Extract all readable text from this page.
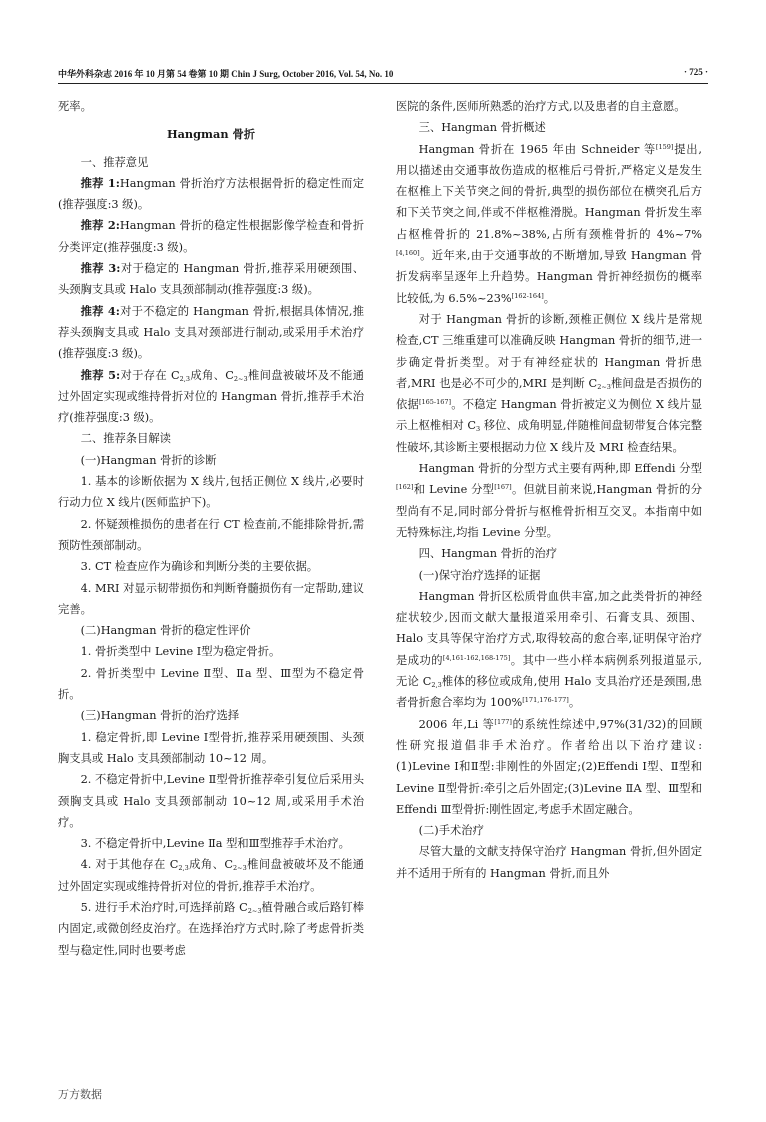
中华外科杂志 2016 年 10 月第 54 卷第 10 期 Chin J Surg, October 2016, Vol. 54, No. 10	· 725 ·

死率。

Hangman 骨折

一、推荐意见

推荐 1:Hangman 骨折治疗方法根据骨折的稳定性而定(推荐强度:3 级)。

推荐 2:Hangman 骨折的稳定性根据影像学检查和骨折分类评定(推荐强度:3 级)。

推荐 3:对于稳定的 Hangman 骨折,推荐采用硬颈围、头颈胸支具或 Halo 支具颈部制动(推荐强度:3 级)。

推荐 4:对于不稳定的 Hangman 骨折,根据具体情况,推荐头颈胸支具或 Halo 支具对颈部进行制动,或采用手术治疗(推荐强度:3 级)。

推荐 5:对于存在 $C_{2,3}$成角、$C_{2\sim 3}$椎间盘被破坏及不能通过外固定实现或维持骨折对位的 Hangman 骨折,推荐手术治疗(推荐强度:3 级)。

二、推荐条目解读

(一)Hangman 骨折的诊断

1. 基本的诊断依据为 X 线片,包括正侧位 X 线片,必要时行动力位 X 线片(医师监护下)。

2. 怀疑颈椎损伤的患者在行 CT 检查前,不能排除骨折,需预防性颈部制动。

3. CT 检查应作为确诊和判断分类的主要依据。

4. MRI 对显示韧带损伤和判断脊髓损伤有一定帮助,建议完善。

(二)Hangman 骨折的稳定性评价

1. 骨折类型中 Levine Ⅰ型为稳定骨折。

2. 骨折类型中 Levine Ⅱ型、Ⅱa 型、Ⅲ型为不稳定骨折。

(三)Hangman 骨折的治疗选择

1. 稳定骨折,即 Levine Ⅰ型骨折,推荐采用硬颈围、头颈胸支具或 Halo 支具颈部制动 10~12 周。

2. 不稳定骨折中,Levine Ⅱ型骨折推荐牵引复位后采用头颈胸支具或 Halo 支具颈部制动 10~12 周,或采用手术治疗。

3. 不稳定骨折中,Levine Ⅱa 型和Ⅲ型推荐手术治疗。

4. 对于其他存在 $C_{2,3}$成角、$C_{2\sim 3}$椎间盘被破坏及不能通过外固定实现或维持骨折对位的骨折,推荐手术治疗。

5. 进行手术治疗时,可选择前路 $C_{2\sim 3}$植骨融合或后路钉棒内固定,或微创经皮治疗。在选择治疗方式时,除了考虑骨折类型与稳定性,同时也要考虑

医院的条件,医师所熟悉的治疗方式,以及患者的自主意愿。

三、Hangman 骨折概述

Hangman 骨折在 1965 年由 Schneider 等[159]提出,用以描述由交通事故伤造成的枢椎后弓骨折,严格定义是发生在枢椎上下关节突之间的骨折,典型的损伤部位在横突孔后方和下关节突之间,伴或不伴枢椎滑脱。Hangman 骨折发生率占枢椎骨折的 21.8%~38%,占所有颈椎骨折的 4%~7%[4,160]。近年来,由于交通事故的不断增加,导致 Hangman 骨折发病率呈逐年上升趋势。Hangman 骨折神经损伤的概率比较低,为 6.5%~23%[162-164]。

对于 Hangman 骨折的诊断,颈椎正侧位 X 线片是常规检查,CT 三维重建可以准确反映 Hangman 骨折的细节,进一步确定骨折类型。对于有神经症状的 Hangman 骨折患者,MRI 也是必不可少的,MRI 是判断 $C_{2\sim 3}$椎间盘是否损伤的依据[165-167]。不稳定 Hangman 骨折被定义为侧位 X 线片显示上枢椎相对 $C_3$ 移位、成角明显,伴随椎间盘韧带复合体完整性破坏,其诊断主要根据动力位 X 线片及 MRI 检查结果。

Hangman 骨折的分型方式主要有两种,即 Effendi 分型[162]和 Levine 分型[167]。但就目前来说,Hangman 骨折的分型尚有不足,同时部分骨折与枢椎骨折相互交叉。本指南中如无特殊标注,均指 Levine 分型。

四、Hangman 骨折的治疗

(一)保守治疗选择的证据

Hangman 骨折区松质骨血供丰富,加之此类骨折的神经症状较少,因而文献大量报道采用牵引、石膏支具、颈围、Halo 支具等保守治疗方式,取得较高的愈合率,证明保守治疗是成功的[4,161-162,168-175]。其中一些小样本病例系列报道显示,无论 $C_{2,3}$椎体的移位或成角,使用 Halo 支具治疗还是颈围,患者骨折愈合率均为 100%[171,176-177]。

2006 年,Li 等[177]的系统性综述中,97%(31/32)的回顾性研究报道倡非手术治疗。作者给出以下治疗建议:(1)Levine Ⅰ和Ⅱ型:非刚性的外固定;(2)Effendi Ⅰ型、Ⅱ型和 Levine Ⅱ型骨折:牵引之后外固定;(3)Levine ⅡA 型、Ⅲ型和 Effendi Ⅲ型骨折:刚性固定,考虑手术固定融合。

(二)手术治疗

尽管大量的文献支持保守治疗 Hangman 骨折,但外固定并不适用于所有的 Hangman 骨折,而且外

万方数据
